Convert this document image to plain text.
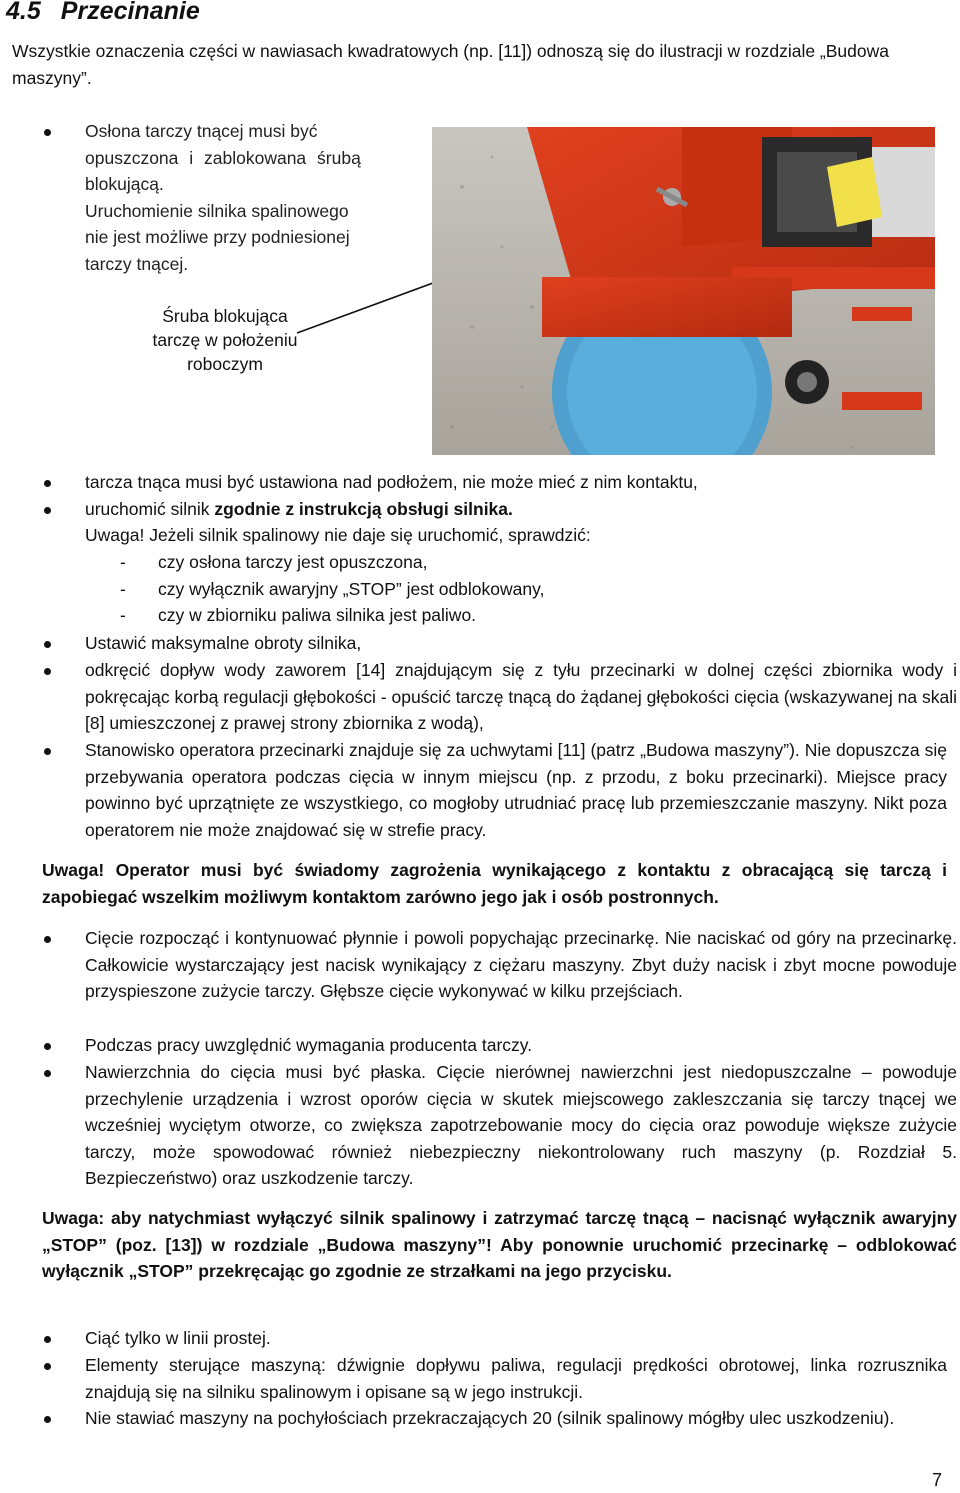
4.5 Przecinanie
Wszystkie oznaczenia części w nawiasach kwadratowych (np. [11]) odnoszą się do ilustracji w rozdziale „Budowa maszyny”.
Osłona tarczy tnącej musi być
opuszczona i zablokowana śrubą
blokującą.
Uruchomienie silnika spalinowego
nie jest możliwe przy podniesionej
tarczy tnącej.
Śruba blokująca
tarczę w położeniu
roboczym
tarcza tnąca musi być ustawiona nad podłożem, nie może mieć z nim kontaktu,
uruchomić silnik zgodnie z instrukcją obsługi silnika.
Uwaga! Jeżeli silnik spalinowy nie daje się uruchomić, sprawdzić:
- czy osłona tarczy jest opuszczona,
- czy wyłącznik awaryjny „STOP” jest odblokowany,
- czy w zbiorniku paliwa silnika jest paliwo.
Ustawić maksymalne obroty silnika,
odkręcić dopływ wody zaworem [14] znajdującym się z tyłu przecinarki w dolnej części zbiornika wody i pokręcając korbą regulacji głębokości - opuścić tarczę tnącą do żądanej głębokości cięcia (wskazywanej na skali [8] umieszczonej z prawej strony zbiornika z wodą),
Stanowisko operatora przecinarki znajduje się za uchwytami [11] (patrz „Budowa maszyny”). Nie dopuszcza się przebywania operatora podczas cięcia w innym miejscu (np. z przodu, z boku przecinarki). Miejsce pracy powinno być uprzątnięte ze wszystkiego, co mogłoby utrudniać pracę lub przemieszczanie maszyny. Nikt poza operatorem nie może znajdować się w strefie pracy.
Uwaga! Operator musi być świadomy zagrożenia wynikającego z kontaktu z obracającą się tarczą i zapobiegać wszelkim możliwym kontaktom zarówno jego jak i osób postronnych.
Cięcie rozpocząć i kontynuować płynnie i powoli popychając przecinarkę. Nie naciskać od góry na przecinarkę. Całkowicie wystarczający jest nacisk wynikający z ciężaru maszyny. Zbyt duży nacisk i zbyt mocne powoduje przyspieszone zużycie tarczy. Głębsze cięcie wykonywać w kilku przejściach.
Podczas pracy uwzględnić wymagania producenta tarczy.
Nawierzchnia do cięcia musi być płaska. Cięcie nierównej nawierzchni jest niedopuszczalne – powoduje przechylenie urządzenia i wzrost oporów cięcia w skutek miejscowego zakleszczania się tarczy tnącej we wcześniej wyciętym otworze, co zwiększa zapotrzebowanie mocy do cięcia oraz powoduje większe zużycie tarczy, może spowodować również niebezpieczny niekontrolowany ruch maszyny (p. Rozdział 5. Bezpieczeństwo) oraz uszkodzenie tarczy.
Uwaga: aby natychmiast wyłączyć silnik spalinowy i zatrzymać tarczę tnącą – nacisnąć wyłącznik awaryjny „STOP” (poz. [13]) w rozdziale „Budowa maszyny”! Aby ponownie uruchomić przecinarkę – odblokować wyłącznik „STOP” przekręcając go zgodnie ze strzałkami na jego przycisku.
Ciąć tylko w linii prostej.
Elementy sterujące maszyną: dźwignie dopływu paliwa, regulacji prędkości obrotowej, linka rozrusznika znajdują się na silniku spalinowym i opisane są w jego instrukcji.
Nie stawiać maszyny na pochyłościach przekraczających 20 (silnik spalinowy mógłby ulec uszkodzeniu).
7
